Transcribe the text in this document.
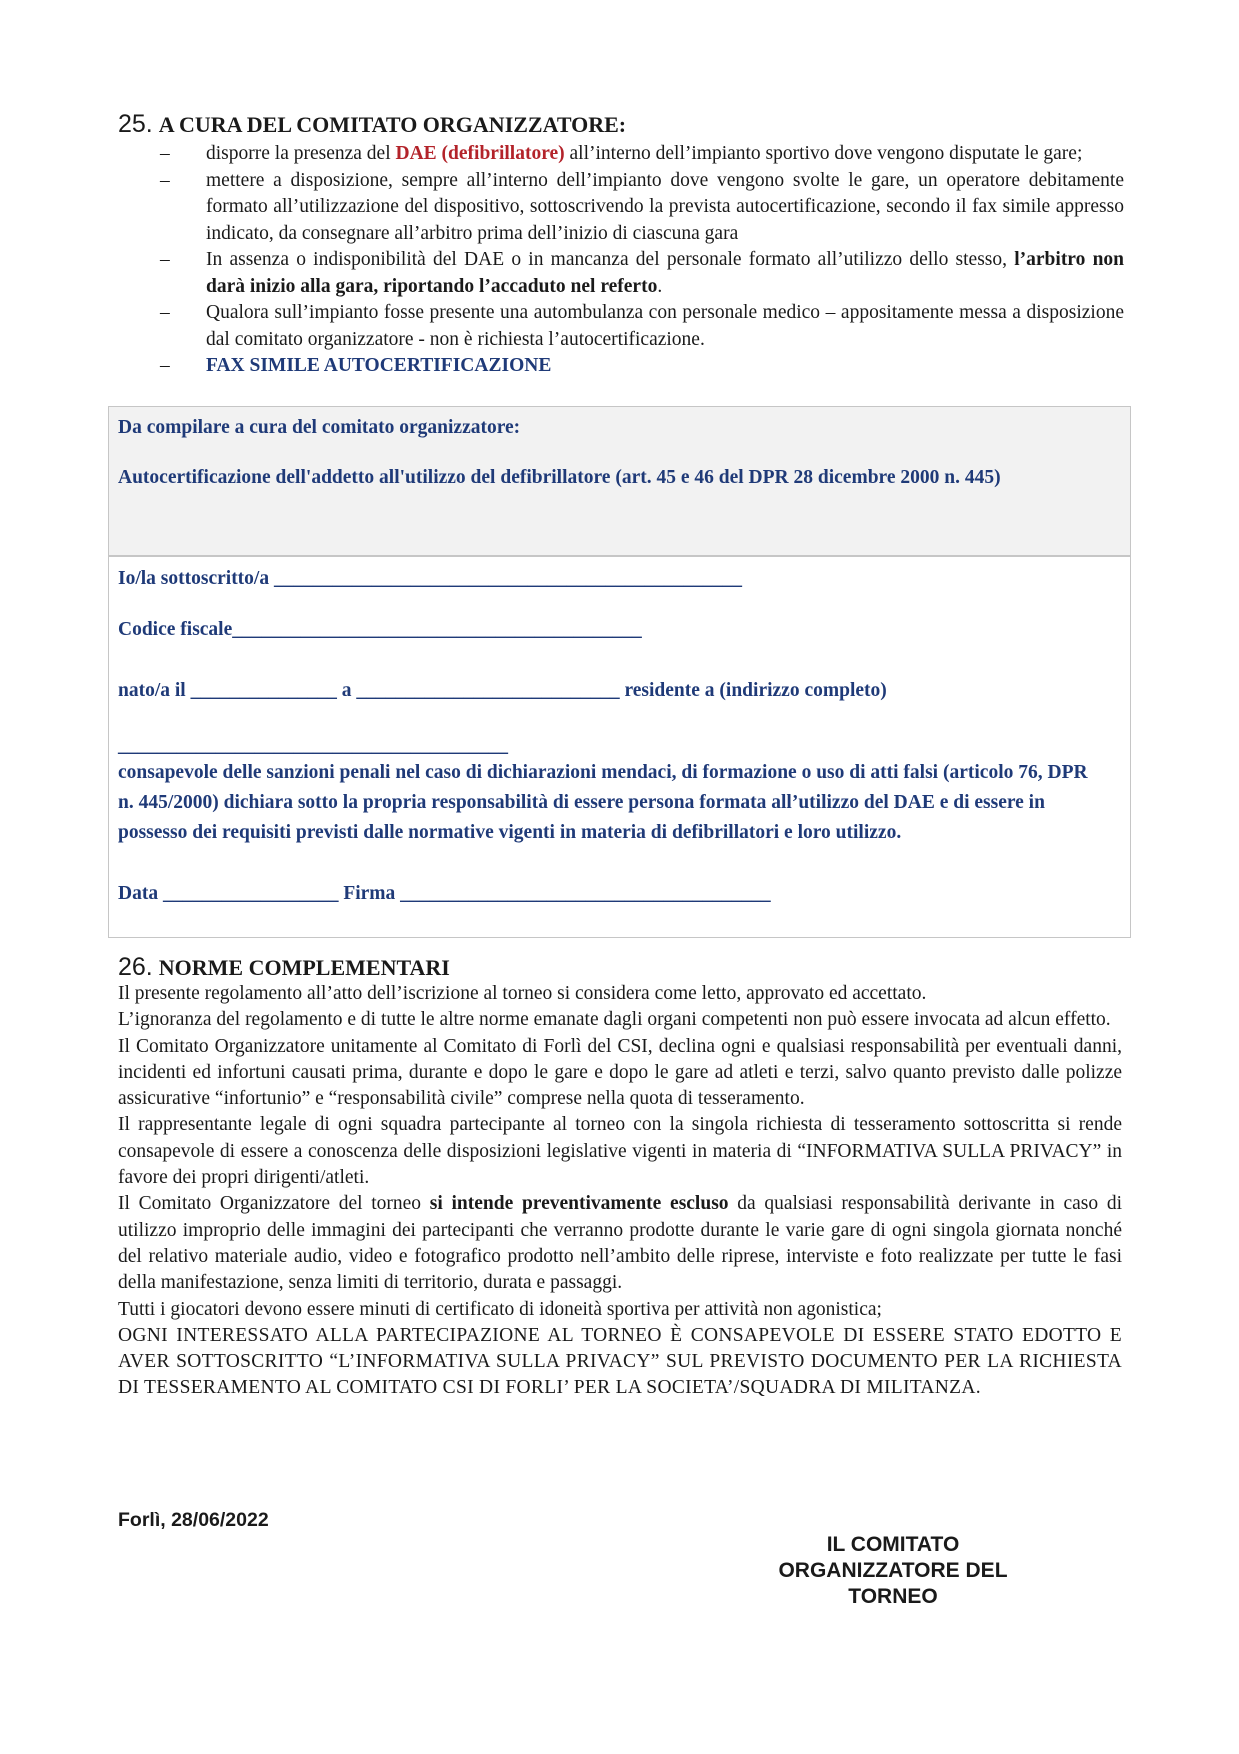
25. A CURA DEL COMITATO ORGANIZZATORE:
– disporre la presenza del DAE (defibrillatore) all’interno dell’impianto sportivo dove vengono disputate le gare;
– mettere a disposizione, sempre all’interno dell’impianto dove vengono svolte le gare, un operatore debitamente formato all’utilizzazione del dispositivo, sottoscrivendo la prevista autocertificazione, secondo il fax simile appresso indicato, da consegnare all’arbitro prima dell’inizio di ciascuna gara
– In assenza o indisponibilità del DAE o in mancanza del personale formato all’utilizzo dello stesso, l’arbitro non darà inizio alla gara, riportando l’accaduto nel referto.
– Qualora sull’impianto fosse presente una autombulanza con personale medico – appositamente messa a disposizione dal comitato organizzatore - non è richiesta l’autocertificazione.
– FAX SIMILE AUTOCERTIFICAZIONE
Da compilare a cura del comitato organizzatore:
Autocertificazione dell'addetto all'utilizzo del defibrillatore (art. 45 e 46 del DPR 28 dicembre 2000 n. 445)
Io/la sottoscritto/a ________________________________________________
Codice fiscale__________________________________________
nato/a il _______________ a ___________________________ residente a (indirizzo completo)
________________________________________
consapevole delle sanzioni penali nel caso di dichiarazioni mendaci, di formazione o uso di atti falsi (articolo 76, DPR n. 445/2000) dichiara sotto la propria responsabilità di essere persona formata all’utilizzo del DAE e di essere in possesso dei requisiti previsti dalle normative vigenti in materia di defibrillatori e loro utilizzo.
Data __________________ Firma ______________________________________
26. NORME COMPLEMENTARI

Il presente regolamento all’atto dell’iscrizione al torneo si considera come letto, approvato ed accettato.

L’ignoranza del regolamento e di tutte le altre norme emanate dagli organi competenti non può essere invocata ad alcun effetto.

Il Comitato Organizzatore unitamente al Comitato di Forlì del CSI, declina ogni e qualsiasi responsabilità per eventuali danni, incidenti ed infortuni causati prima, durante e dopo le gare e dopo le gare ad atleti e terzi, salvo quanto previsto dalle polizze assicurative “infortunio” e “responsabilità civile” comprese nella quota di tesseramento.

Il rappresentante legale di ogni squadra partecipante al torneo con la singola richiesta di tesseramento sottoscritta si rende consapevole di essere a conoscenza delle disposizioni legislative vigenti in materia di “INFORMATIVA SULLA PRIVACY” in favore dei propri dirigenti/atleti.

Il Comitato Organizzatore del torneo si intende preventivamente escluso da qualsiasi responsabilità derivante in caso di utilizzo improprio delle immagini dei partecipanti che verranno prodotte durante le varie gare di ogni singola giornata nonché del relativo materiale audio, video e fotografico prodotto nell’ambito delle riprese, interviste e foto realizzate per tutte le fasi della manifestazione, senza limiti di territorio, durata e passaggi.

Tutti i giocatori devono essere minuti di certificato di idoneità sportiva per attività non agonistica;

OGNI INTERESSATO ALLA PARTECIPAZIONE AL TORNEO È CONSAPEVOLE DI ESSERE STATO EDOTTO E AVER SOTTOSCRITTO “L’INFORMATIVA SULLA PRIVACY” SUL PREVISTO DOCUMENTO PER LA RICHIESTA DI TESSERAMENTO AL COMITATO CSI DI FORLI’ PER LA SOCIETA’/SQUADRA DI MILITANZA.

Forlì, 28/06/2022
IL COMITATO
ORGANIZZATORE DEL
TORNEO
